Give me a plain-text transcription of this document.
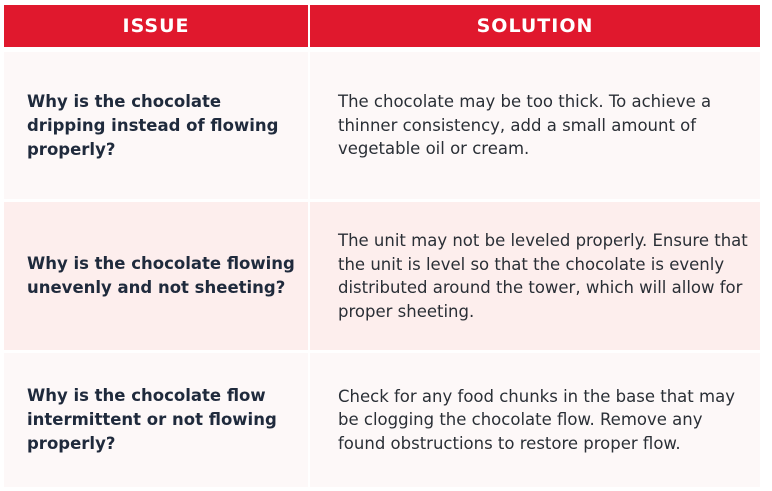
ISSUE	SOLUTION
Why is the chocolate dripping instead of flowing properly?
The chocolate may be too thick. To achieve a thinner consistency, add a small amount of vegetable oil or cream.
Why is the chocolate flowing unevenly and not sheeting?
The unit may not be leveled properly. Ensure that the unit is level so that the chocolate is evenly distributed around the tower, which will allow for proper sheeting.
Why is the chocolate flow intermittent or not flowing properly?
Check for any food chunks in the base that may be clogging the chocolate flow. Remove any found obstructions to restore proper flow.
